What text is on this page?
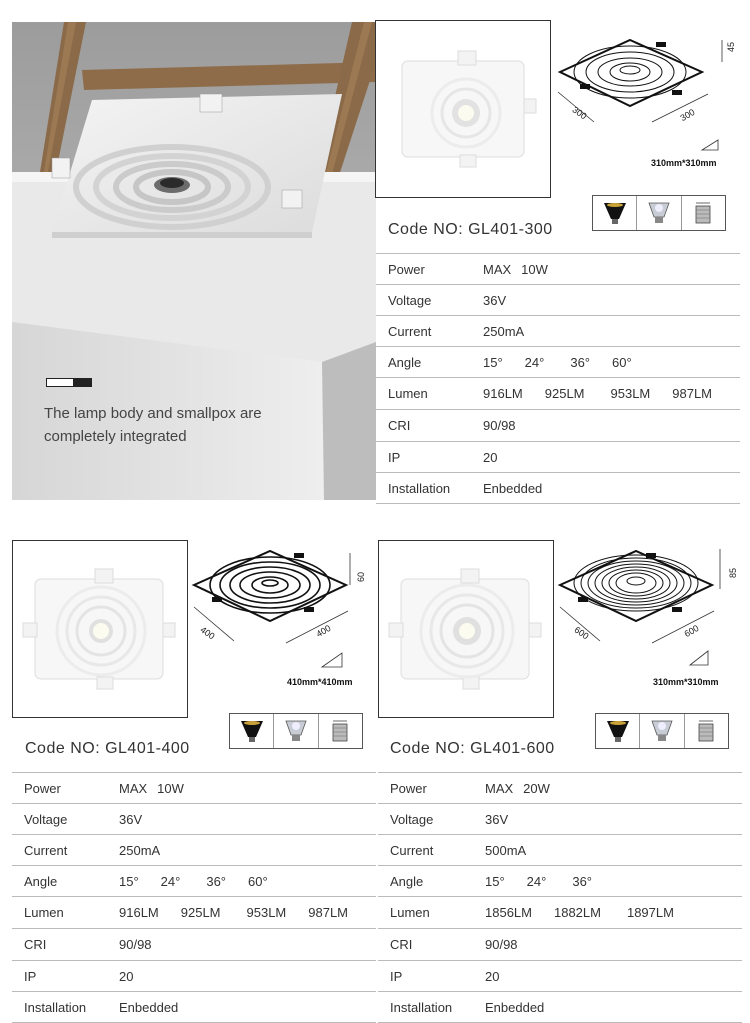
The lamp body and smallpox are
completely integrated
45
300	300
310mm*310mm
Code NO: GL401-300
Power	MAX 10W
Voltage	36V
Current	250mA
Angle	15° 24° 36° 60°
Lumen	916LM 925LM 953LM 987LM
CRI	90/98
IP	20
Installation	Enbedded
60
400	400
410mm*410mm
Code NO: GL401-400
Power	MAX 10W
Voltage	36V
Current	250mA
Angle	15° 24° 36° 60°
Lumen	916LM 925LM 953LM 987LM
CRI	90/98
IP	20
Installation	Enbedded
85
600	600
310mm*310mm
Code NO: GL401-600
Power	MAX 20W
Voltage	36V
Current	500mA
Angle	15° 24° 36°
Lumen	1856LM 1882LM 1897LM
CRI	90/98
IP	20
Installation	Enbedded
